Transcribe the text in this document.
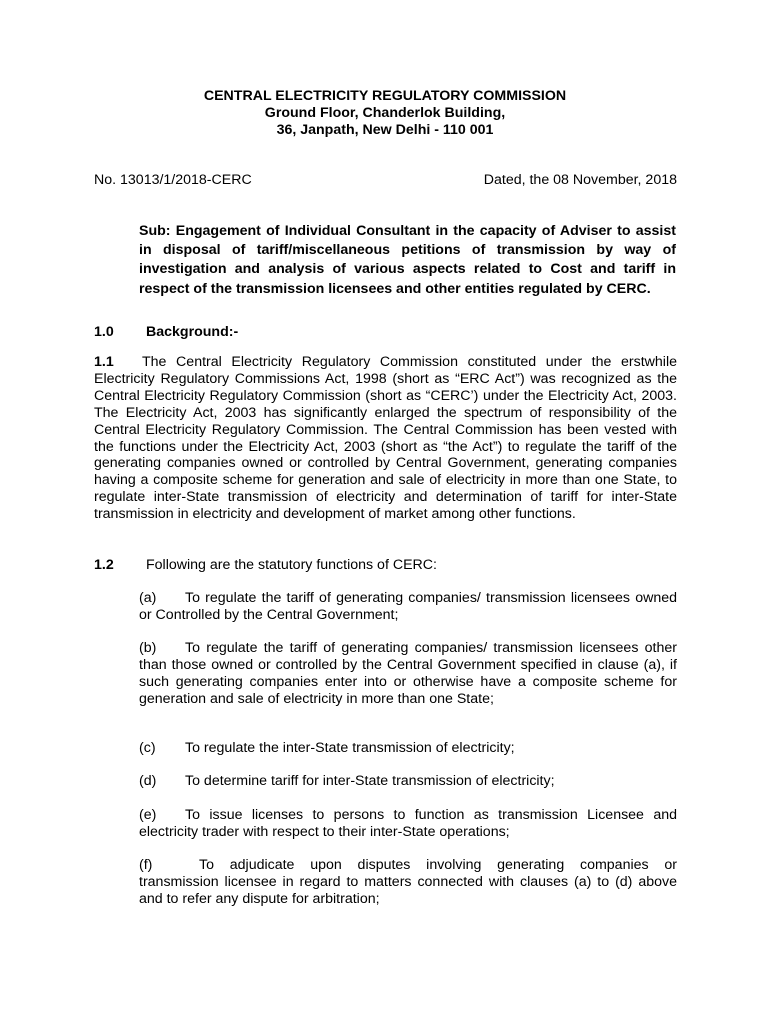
CENTRAL ELECTRICITY REGULATORY COMMISSION
Ground Floor, Chanderlok Building,
36, Janpath, New Delhi - 110 001
No. 13013/1/2018-CERC	Dated, the 08 November, 2018
Sub: Engagement of Individual Consultant in the capacity of Adviser to assist in disposal of tariff/miscellaneous petitions of transmission by way of investigation and analysis of various aspects related to Cost and tariff in respect of the transmission licensees and other entities regulated by CERC.
1.0 Background:-
1.1 The Central Electricity Regulatory Commission constituted under the erstwhile Electricity Regulatory Commissions Act, 1998 (short as “ERC Act”) was recognized as the Central Electricity Regulatory Commission (short as “CERC’) under the Electricity Act, 2003. The Electricity Act, 2003 has significantly enlarged the spectrum of responsibility of the Central Electricity Regulatory Commission. The Central Commission has been vested with the functions under the Electricity Act, 2003 (short as “the Act”) to regulate the tariff of the generating companies owned or controlled by Central Government, generating companies having a composite scheme for generation and sale of electricity in more than one State, to regulate inter-State transmission of electricity and determination of tariff for inter-State transmission in electricity and development of market among other functions.
1.2 Following are the statutory functions of CERC:
(a) To regulate the tariff of generating companies/ transmission licensees owned or Controlled by the Central Government;
(b) To regulate the tariff of generating companies/ transmission licensees other than those owned or controlled by the Central Government specified in clause (a), if such generating companies enter into or otherwise have a composite scheme for generation and sale of electricity in more than one State;
(c) To regulate the inter-State transmission of electricity;
(d) To determine tariff for inter-State transmission of electricity;
(e) To issue licenses to persons to function as transmission Licensee and electricity trader with respect to their inter-State operations;
(f)	To adjudicate upon disputes involving generating companies or transmission licensee in regard to matters connected with clauses (a) to (d) above and to refer any dispute for arbitration;
